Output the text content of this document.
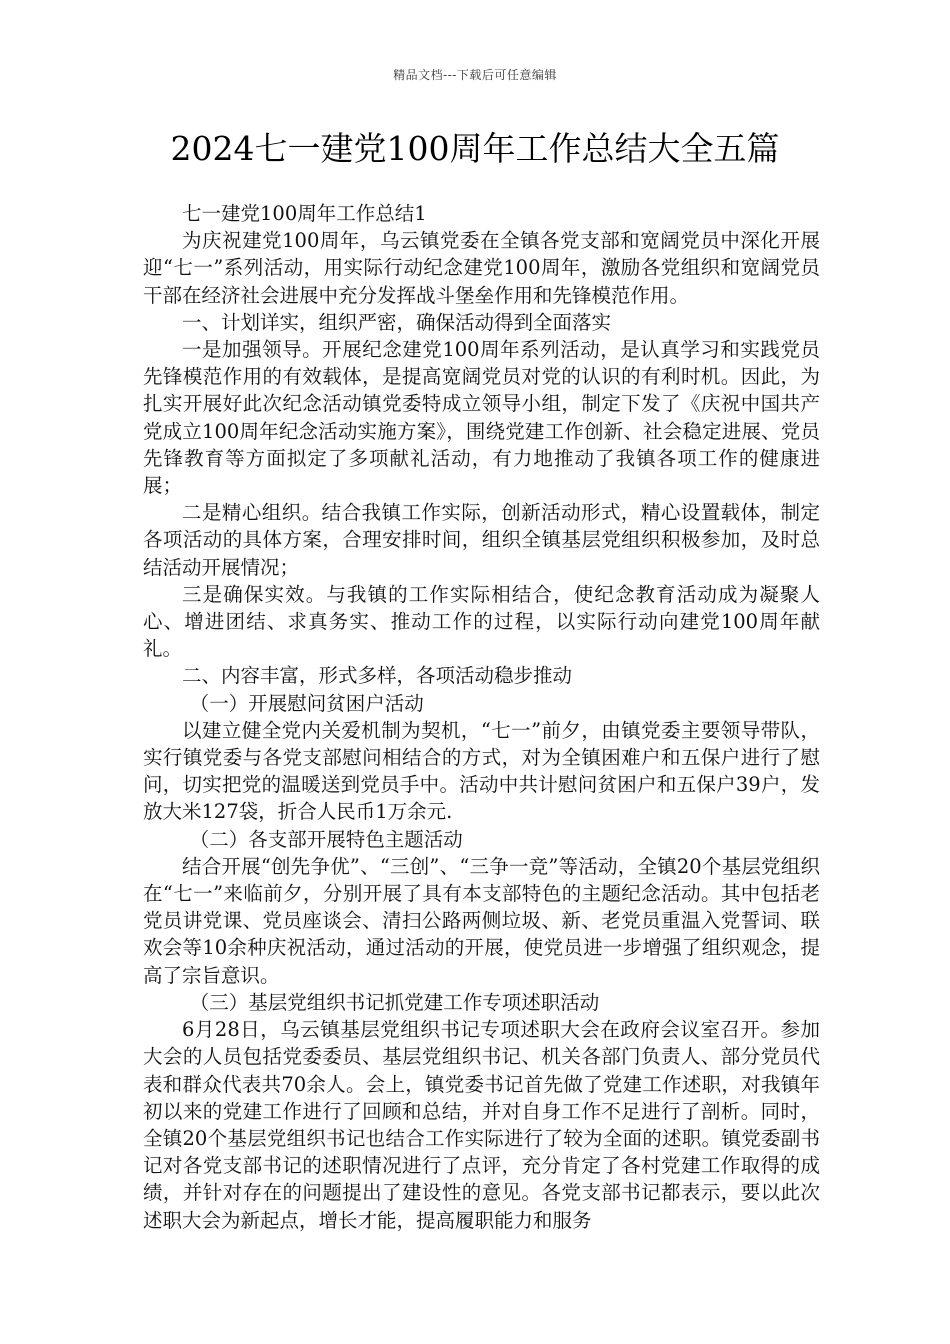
精品文档---下载后可任意编辑
2024七一建党100周年工作总结大全五篇

七一建党100周年工作总结1

为庆祝建党100周年，乌云镇党委在全镇各党支部和宽阔党员中深化开展迎“七一”系列活动，用实际行动纪念建党100周年，激励各党组织和宽阔党员干部在经济社会进展中充分发挥战斗堡垒作用和先锋模范作用。

一、计划详实，组织严密，确保活动得到全面落实

一是加强领导。开展纪念建党100周年系列活动，是认真学习和实践党员先锋模范作用的有效载体，是提高宽阔党员对党的认识的有利时机。因此，为扎实开展好此次纪念活动镇党委特成立领导小组，制定下发了《庆祝中国共产党成立100周年纪念活动实施方案》，围绕党建工作创新、社会稳定进展、党员先锋教育等方面拟定了多项献礼活动，有力地推动了我镇各项工作的健康进展；

二是精心组织。结合我镇工作实际，创新活动形式，精心设置载体，制定各项活动的具体方案，合理安排时间，组织全镇基层党组织积极参加，及时总结活动开展情况；

三是确保实效。与我镇的工作实际相结合，使纪念教育活动成为凝聚人心、增进团结、求真务实、推动工作的过程，以实际行动向建党100周年献礼。

二、内容丰富，形式多样，各项活动稳步推动

（一）开展慰问贫困户活动

以建立健全党内关爱机制为契机，“七一”前夕，由镇党委主要领导带队，实行镇党委与各党支部慰问相结合的方式，对为全镇困难户和五保户进行了慰问，切实把党的温暖送到党员手中。活动中共计慰问贫困户和五保户39户，发放大米127袋，折合人民币1万余元.

（二）各支部开展特色主题活动

结合开展“创先争优”、“三创”、“三争一竞”等活动，全镇20个基层党组织在“七一”来临前夕，分别开展了具有本支部特色的主题纪念活动。其中包括老党员讲党课、党员座谈会、清扫公路两侧垃圾、新、老党员重温入党誓词、联欢会等10余种庆祝活动，通过活动的开展，使党员进一步增强了组织观念，提高了宗旨意识。

（三）基层党组织书记抓党建工作专项述职活动

6月28日，乌云镇基层党组织书记专项述职大会在政府会议室召开。参加大会的人员包括党委委员、基层党组织书记、机关各部门负责人、部分党员代表和群众代表共70余人。会上，镇党委书记首先做了党建工作述职，对我镇年初以来的党建工作进行了回顾和总结，并对自身工作不足进行了剖析。同时，全镇20个基层党组织书记也结合工作实际进行了较为全面的述职。镇党委副书记对各党支部书记的述职情况进行了点评，充分肯定了各村党建工作取得的成绩，并针对存在的问题提出了建设性的意见。各党支部书记都表示，要以此次述职大会为新起点，增长才能，提高履职能力和服务
